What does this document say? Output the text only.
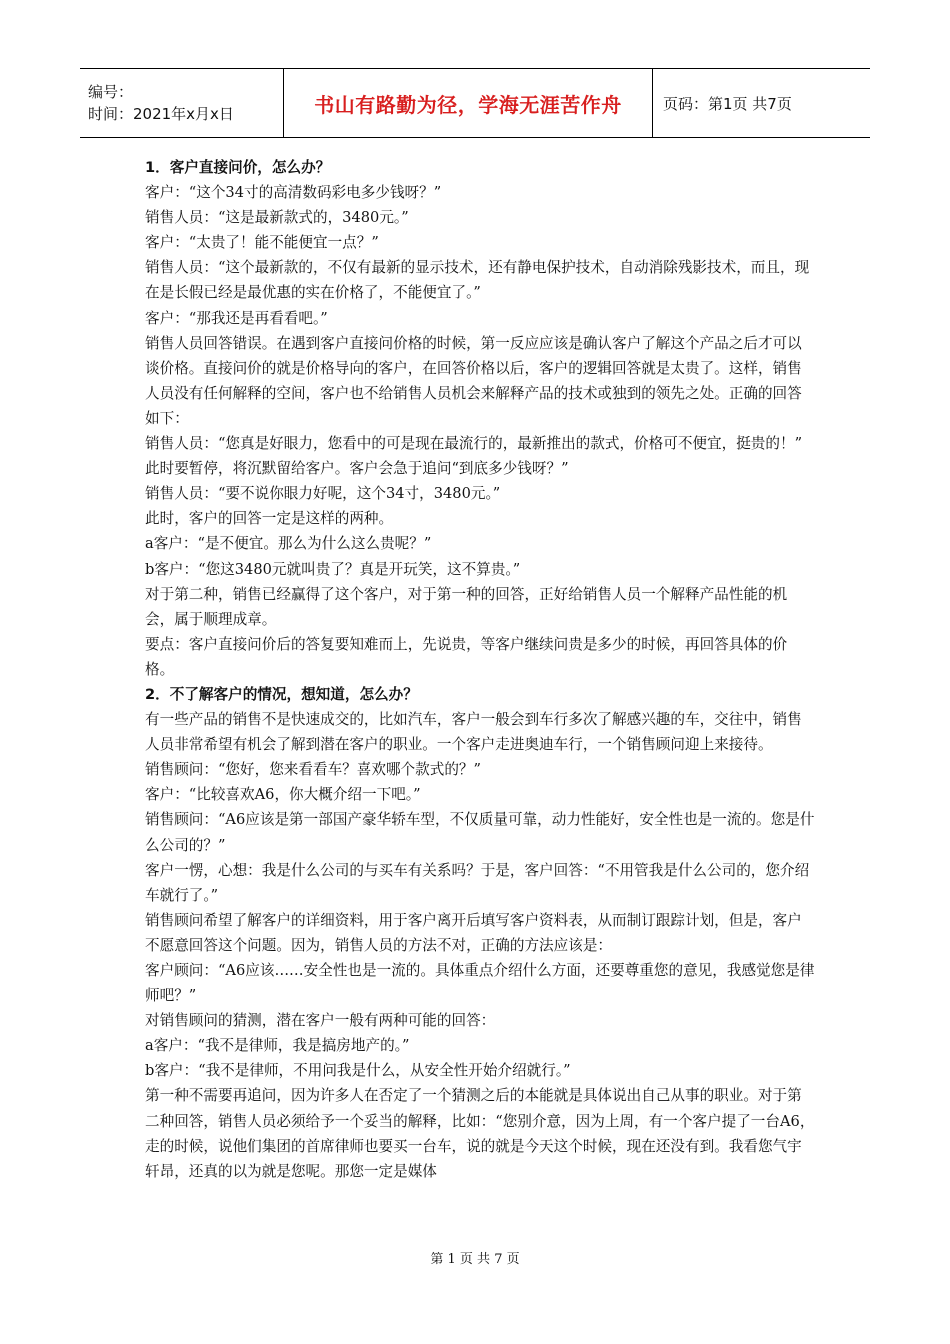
编号：
时间：2021年x月x日	书山有路勤为径，学海无涯苦作舟	页码：第1页 共7页

1．客户直接问价，怎么办？

客户：“这个34寸的高清数码彩电多少钱呀？”

销售人员：“这是最新款式的，3480元。”

客户：“太贵了！能不能便宜一点？”

销售人员：“这个最新款的，不仅有最新的显示技术，还有静电保护技术，自动消除残影技术，而且，现在是长假已经是最优惠的实在价格了，不能便宜了。”

客户：“那我还是再看看吧。”

销售人员回答错误。在遇到客户直接问价格的时候，第一反应应该是确认客户了解这个产品之后才可以谈价格。直接问价的就是价格导向的客户，在回答价格以后，客户的逻辑回答就是太贵了。这样，销售人员没有任何解释的空间，客户也不给销售人员机会来解释产品的技术或独到的领先之处。正确的回答如下：

销售人员：“您真是好眼力，您看中的可是现在最流行的，最新推出的款式，价格可不便宜，挺贵的！”

此时要暂停，将沉默留给客户。客户会急于追问“到底多少钱呀？”

销售人员：“要不说你眼力好呢，这个34寸，3480元。”

此时，客户的回答一定是这样的两种。

a客户：“是不便宜。那么为什么这么贵呢？”

b客户：“您这3480元就叫贵了？真是开玩笑，这不算贵。”

对于第二种，销售已经赢得了这个客户，对于第一种的回答，正好给销售人员一个解释产品性能的机会，属于顺理成章。

要点：客户直接问价后的答复要知难而上，先说贵，等客户继续问贵是多少的时候，再回答具体的价格。

2．不了解客户的情况，想知道，怎么办？

有一些产品的销售不是快速成交的，比如汽车，客户一般会到车行多次了解感兴趣的车，交往中，销售人员非常希望有机会了解到潜在客户的职业。一个客户走进奥迪车行，一个销售顾问迎上来接待。

销售顾问：“您好，您来看看车？喜欢哪个款式的？”

客户：“比较喜欢A6，你大概介绍一下吧。”

销售顾问：“A6应该是第一部国产豪华轿车型，不仅质量可靠，动力性能好，安全性也是一流的。您是什么公司的？”

客户一愣，心想：我是什么公司的与买车有关系吗？于是，客户回答：“不用管我是什么公司的，您介绍车就行了。”

销售顾问希望了解客户的详细资料，用于客户离开后填写客户资料表，从而制订跟踪计划，但是，客户不愿意回答这个问题。因为，销售人员的方法不对，正确的方法应该是：

客户顾问：“A6应该……安全性也是一流的。具体重点介绍什么方面，还要尊重您的意见，我感觉您是律师吧？”

对销售顾问的猜测，潜在客户一般有两种可能的回答：

a客户：“我不是律师，我是搞房地产的。”

b客户：“我不是律师，不用问我是什么，从安全性开始介绍就行。”

第一种不需要再追问，因为许多人在否定了一个猜测之后的本能就是具体说出自己从事的职业。对于第二种回答，销售人员必须给予一个妥当的解释，比如：“您别介意，因为上周，有一个客户提了一台A6，走的时候，说他们集团的首席律师也要买一台车，说的就是今天这个时候，现在还没有到。我看您气宇轩昂，还真的以为就是您呢。那您一定是媒体

第 1 页 共 7 页
